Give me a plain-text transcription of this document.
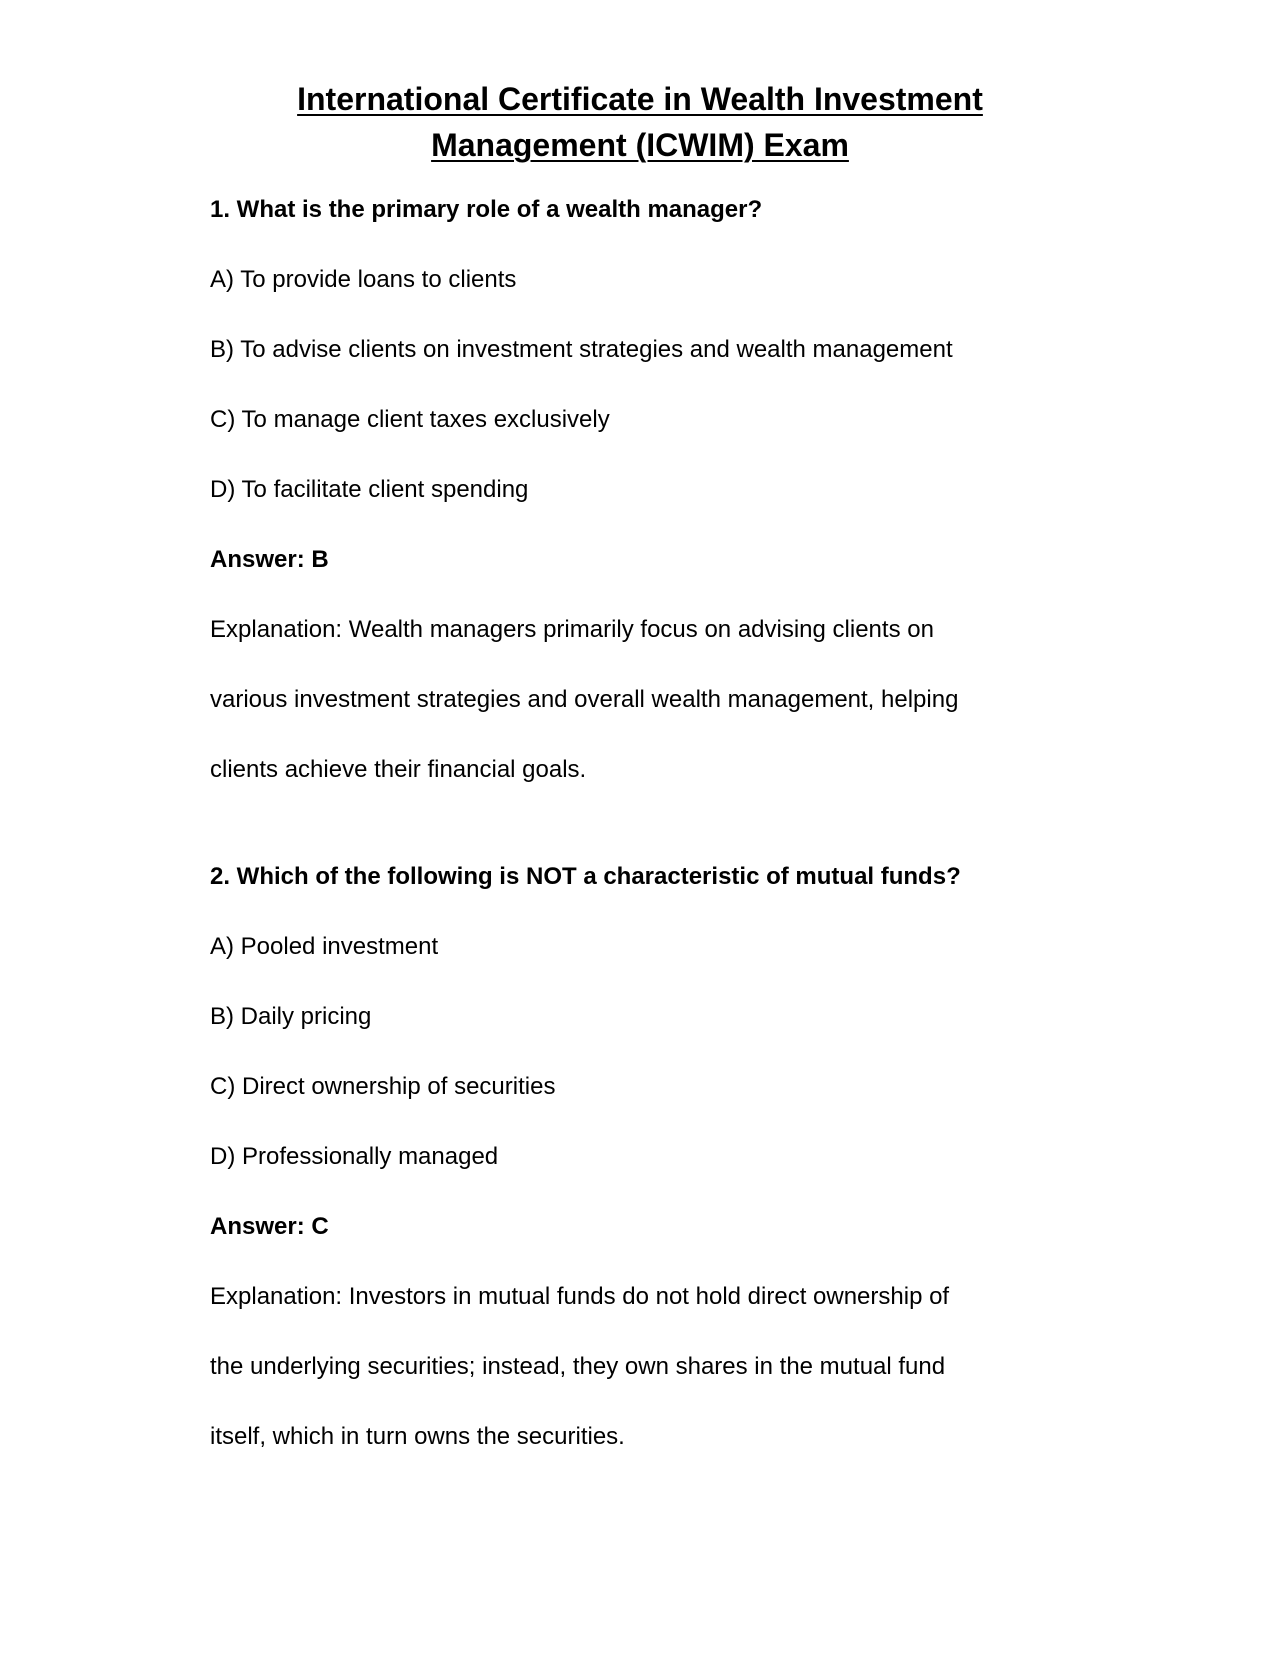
International Certificate in Wealth Investment
Management (ICWIM) Exam
1. What is the primary role of a wealth manager?
A) To provide loans to clients
B) To advise clients on investment strategies and wealth management
C) To manage client taxes exclusively
D) To facilitate client spending
Answer: B
Explanation: Wealth managers primarily focus on advising clients on
various investment strategies and overall wealth management, helping
clients achieve their financial goals.
2. Which of the following is NOT a characteristic of mutual funds?
A) Pooled investment
B) Daily pricing
C) Direct ownership of securities
D) Professionally managed
Answer: C
Explanation: Investors in mutual funds do not hold direct ownership of
the underlying securities; instead, they own shares in the mutual fund
itself, which in turn owns the securities.
